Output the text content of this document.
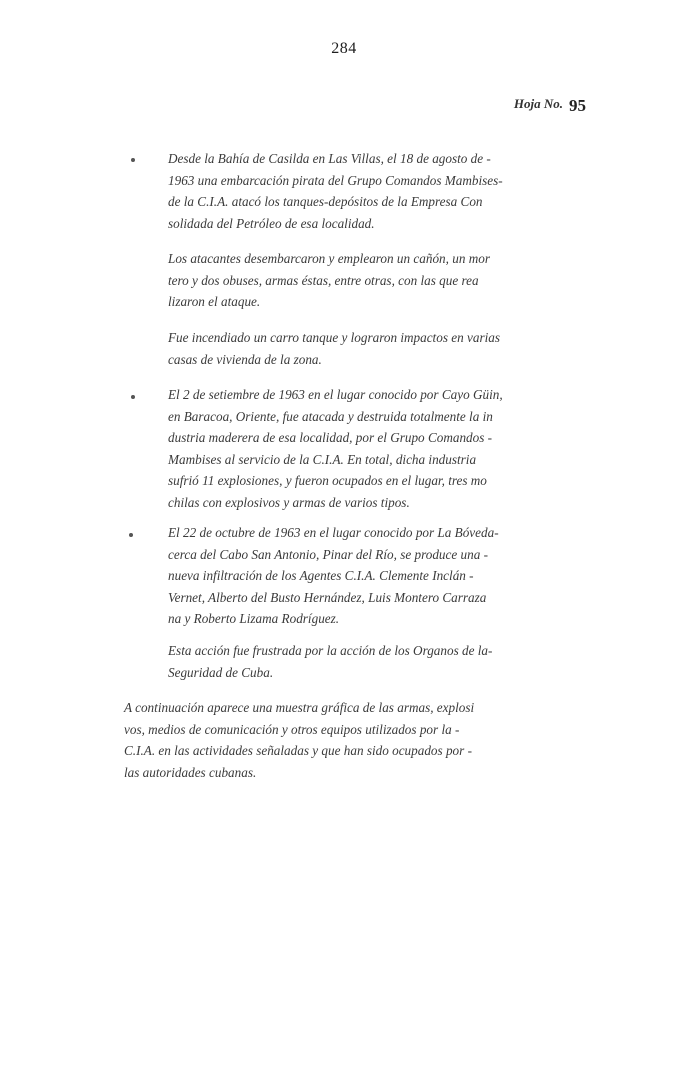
284
Hoja No. 95
Desde la Bahía de Casilda en Las Villas, el 18 de agosto de -
1963 una embarcación pirata del Grupo Comandos Mambises-
de la C.I.A. atacó los tanques-depósitos de la Empresa Con
solidada del Petróleo de esa localidad.
Los atacantes desembarcaron y emplearon un cañón, un mor
tero y dos obuses, armas éstas, entre otras, con las que rea
lizaron el ataque.
Fue incendiado un carro tanque y lograron impactos en varias
casas de vivienda de la zona.
El 2 de setiembre de 1963 en el lugar conocido por Cayo Güin,
en Baracoa, Oriente, fue atacada y destruida totalmente la in
dustria maderera de esa localidad, por el Grupo Comandos -
Mambises al servicio de la C.I.A. En total, dicha industria
sufrió 11 explosiones, y fueron ocupados en el lugar, tres mo
chilas con explosivos y armas de varios tipos.
El 22 de octubre de 1963 en el lugar conocido por La Bóveda-
cerca del Cabo San Antonio, Pinar del Río, se produce una -
nueva infiltración de los Agentes C.I.A. Clemente Inclán -
Vernet, Alberto del Busto Hernández, Luis Montero Carraza
na y Roberto Lizama Rodríguez.
Esta acción fue frustrada por la acción de los Organos de la-
Seguridad de Cuba.
A continuación aparece una muestra gráfica de las armas, explosi
vos, medios de comunicación y otros equipos utilizados por la -
C.I.A. en las actividades señaladas y que han sido ocupados por -
las autoridades cubanas.
